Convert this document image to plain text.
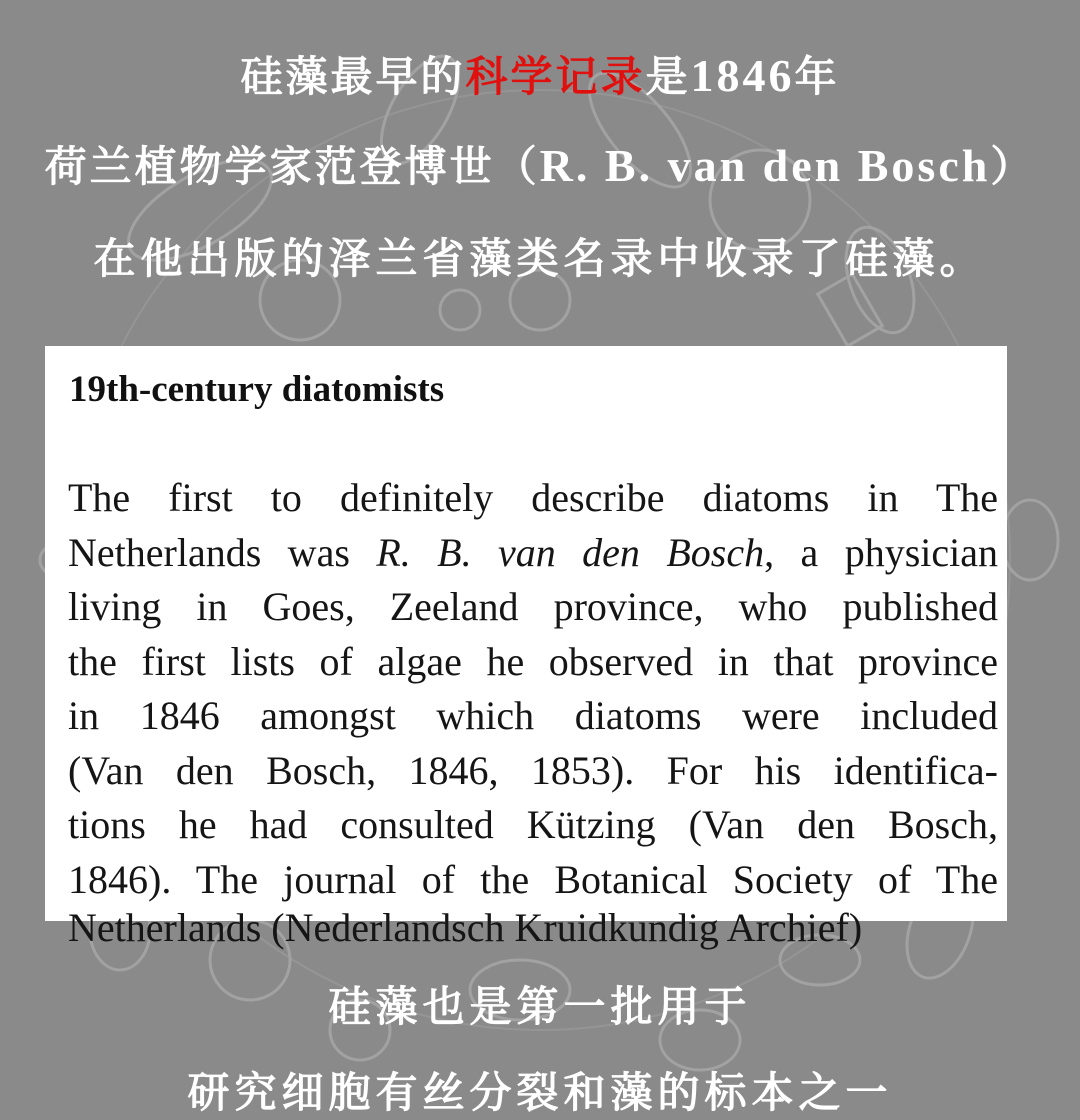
硅藻最早的科学记录是1846年
荷兰植物学家范登博世（R. B. van den Bosch）
在他出版的泽兰省藻类名录中收录了硅藻。
19th-century diatomists
The first to definitely describe diatoms in The
Netherlands was R. B. van den Bosch, a physician
living in Goes, Zeeland province, who published
the first lists of algae he observed in that province
in 1846 amongst which diatoms were included
(Van den Bosch, 1846, 1853). For his identifica-
tions he had consulted Kützing (Van den Bosch,
1846). The journal of the Botanical Society of The
Netherlands (Nederlandsch Kruidkundig Archief)
硅藻也是第一批用于
研究细胞有丝分裂和藻的标本之一
